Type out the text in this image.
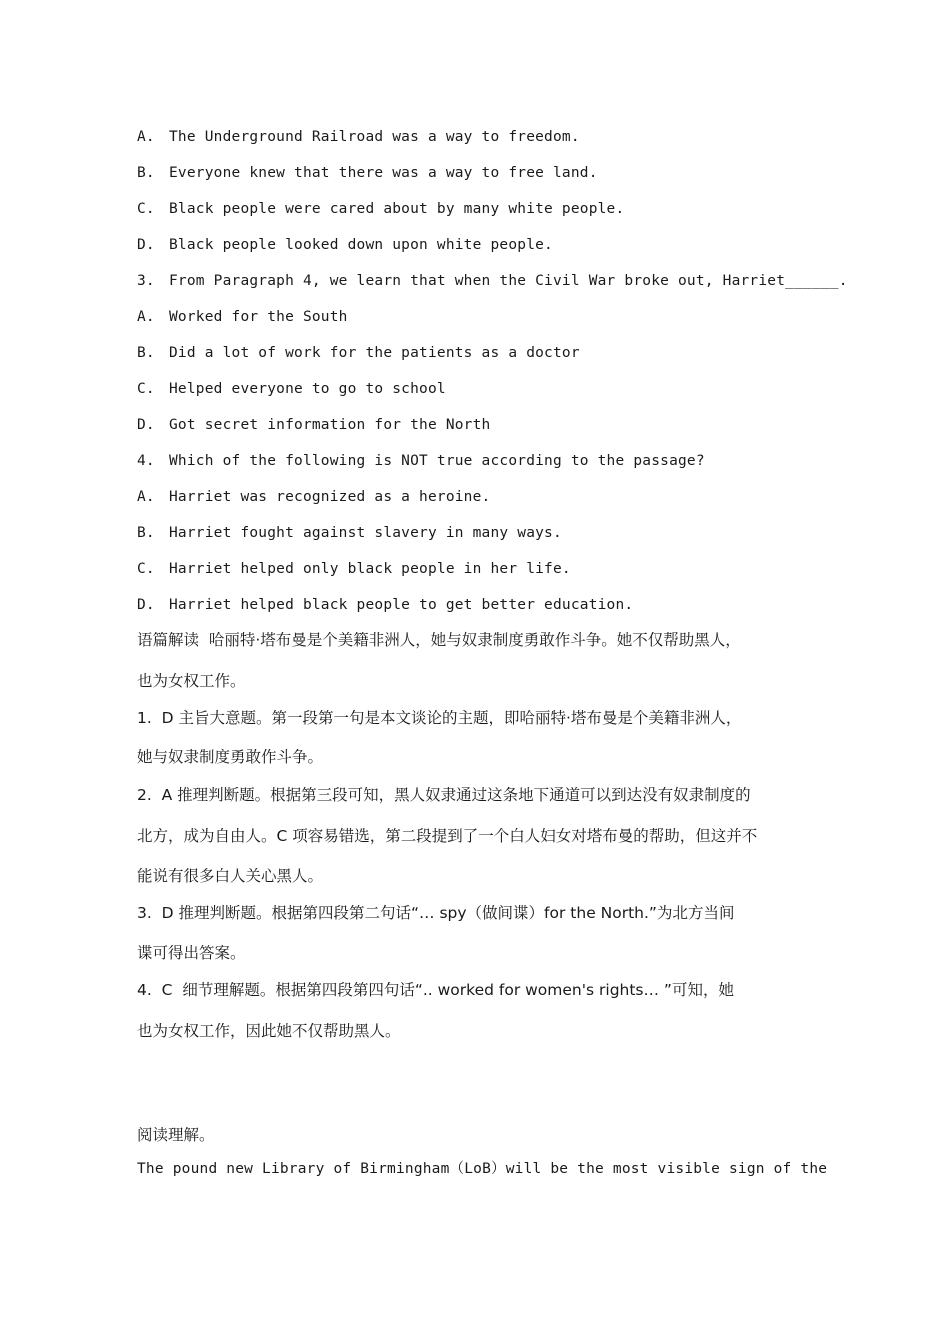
A. The Underground Railroad was a way to freedom.
B. Everyone knew that there was a way to free land.
C. Black people were cared about by many white people.
D. Black people looked down upon white people.
3. From Paragraph 4, we learn that when the Civil War broke out, Harriet______.
A. Worked for the South
B. Did a lot of work for the patients as a doctor
C. Helped everyone to go to school
D. Got secret information for the North
4. Which of the following is NOT true according to the passage?
A. Harriet was recognized as a heroine.
B. Harriet fought against slavery in many ways.
C. Harriet helped only black people in her life.
D. Harriet helped black people to get better education.
语篇解读  哈丽特·塔布曼是个美籍非洲人，她与奴隶制度勇敢作斗争。她不仅帮助黑人，
也为女权工作。
1.  D 主旨大意题。第一段第一句是本文谈论的主题，即哈丽特·塔布曼是个美籍非洲人，
她与奴隶制度勇敢作斗争。
2.  A 推理判断题。根据第三段可知，黑人奴隶通过这条地下通道可以到达没有奴隶制度的
北方，成为自由人。C 项容易错选，第二段提到了一个白人妇女对塔布曼的帮助，但这并不
能说有很多白人关心黑人。
3.  D 推理判断题。根据第四段第二句话“… spy（做间谍）for the North.”为北方当间
谍可得出答案。
4.  C  细节理解题。根据第四段第四句话“.. worked for women's rights… ”可知，她
也为女权工作，因此她不仅帮助黑人。
阅读理解。
The pound new Library of Birmingham（LoB）will be the most visible sign of the
